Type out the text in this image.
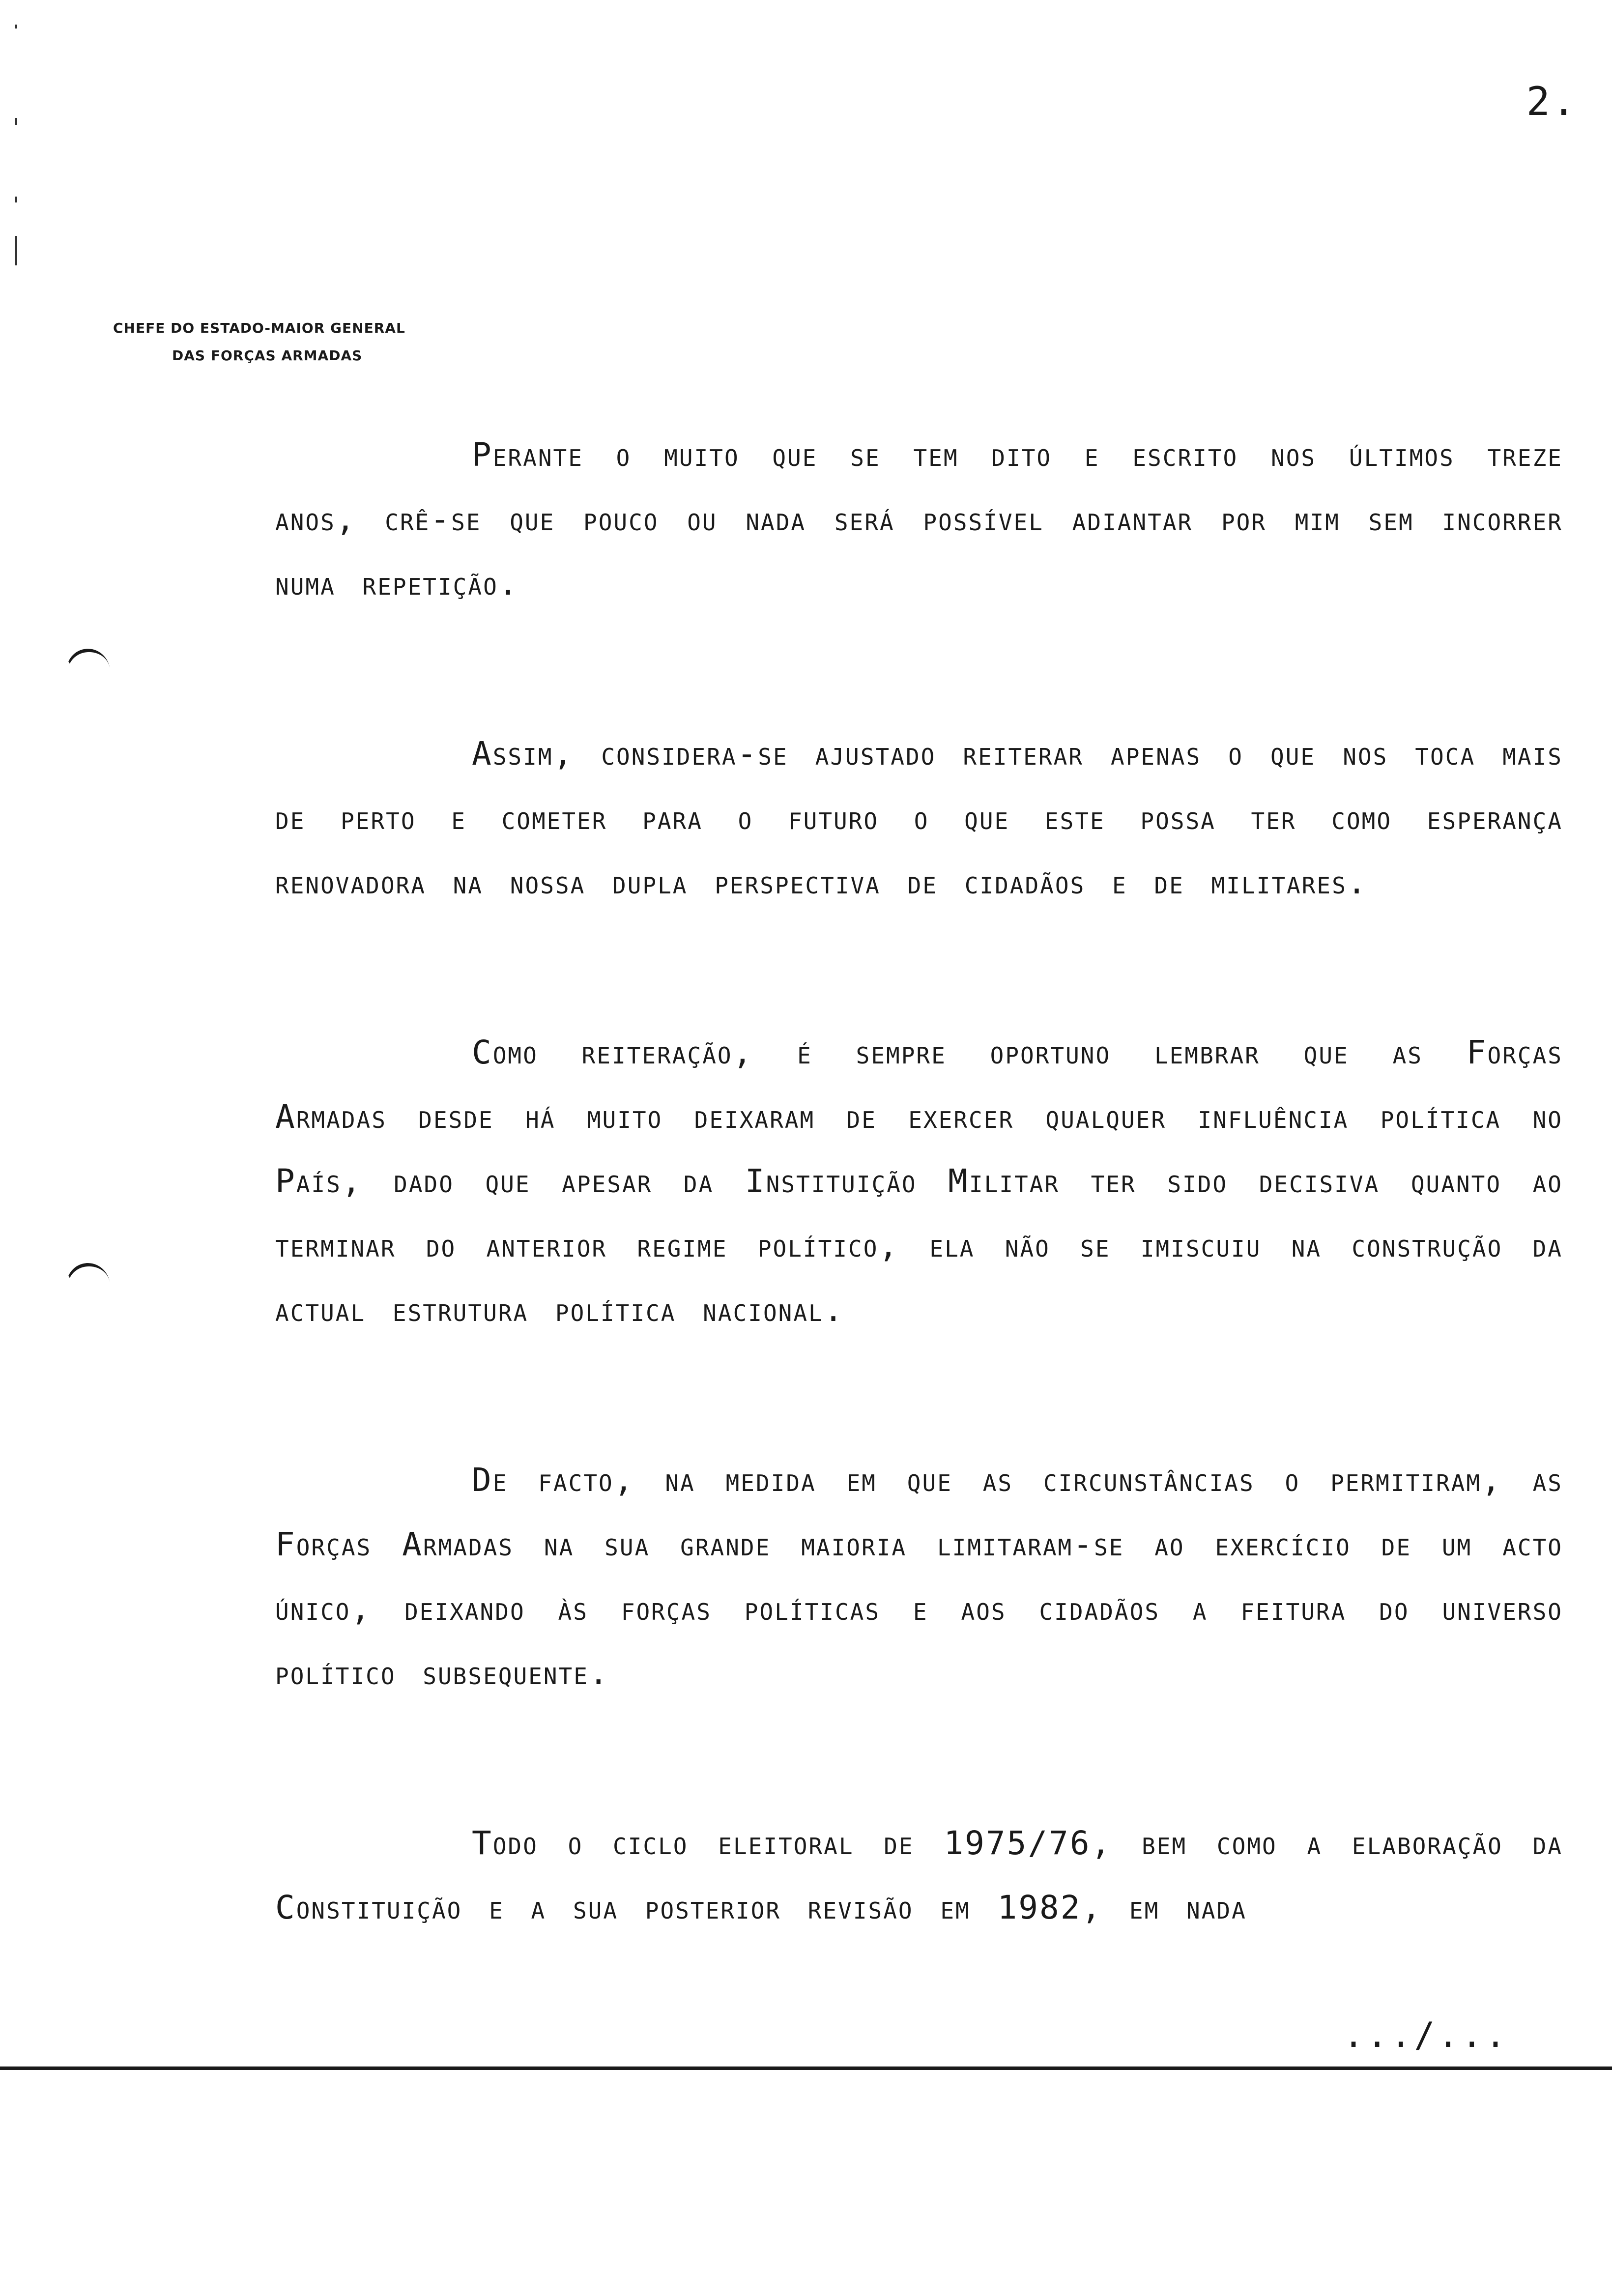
2.
CHEFE DO ESTADO-MAIOR GENERAL
DAS FORÇAS ARMADAS

Perante o muito que se tem dito e escrito nos últimos treze anos, crê-se que pouco ou nada será possível adiantar por mim sem incorrer numa repetição.

Assim, considera-se ajustado reiterar apenas o que nos toca mais de perto e cometer para o futuro o que este possa ter como esperança renovadora na nossa dupla perspectiva de cidadãos e de militares.

Como reiteração, é sempre oportuno lembrar que as Forças Armadas desde há muito deixaram de exercer qualquer influência política no País, dado que apesar da Instituição Militar ter sido decisiva quanto ao terminar do anterior regime político, ela não se imiscuiu na construção da actual estrutura política nacional.

De facto, na medida em que as circunstâncias o permitiram, as Forças Armadas na sua grande maioria limitaram-se ao exercício de um acto único, deixando às forças políticas e aos cidadãos a feitura do universo político subsequente.

Todo o ciclo eleitoral de 1975/76, bem como a elaboração da Constituição e a sua posterior revisão em 1982, em nada

.../...
